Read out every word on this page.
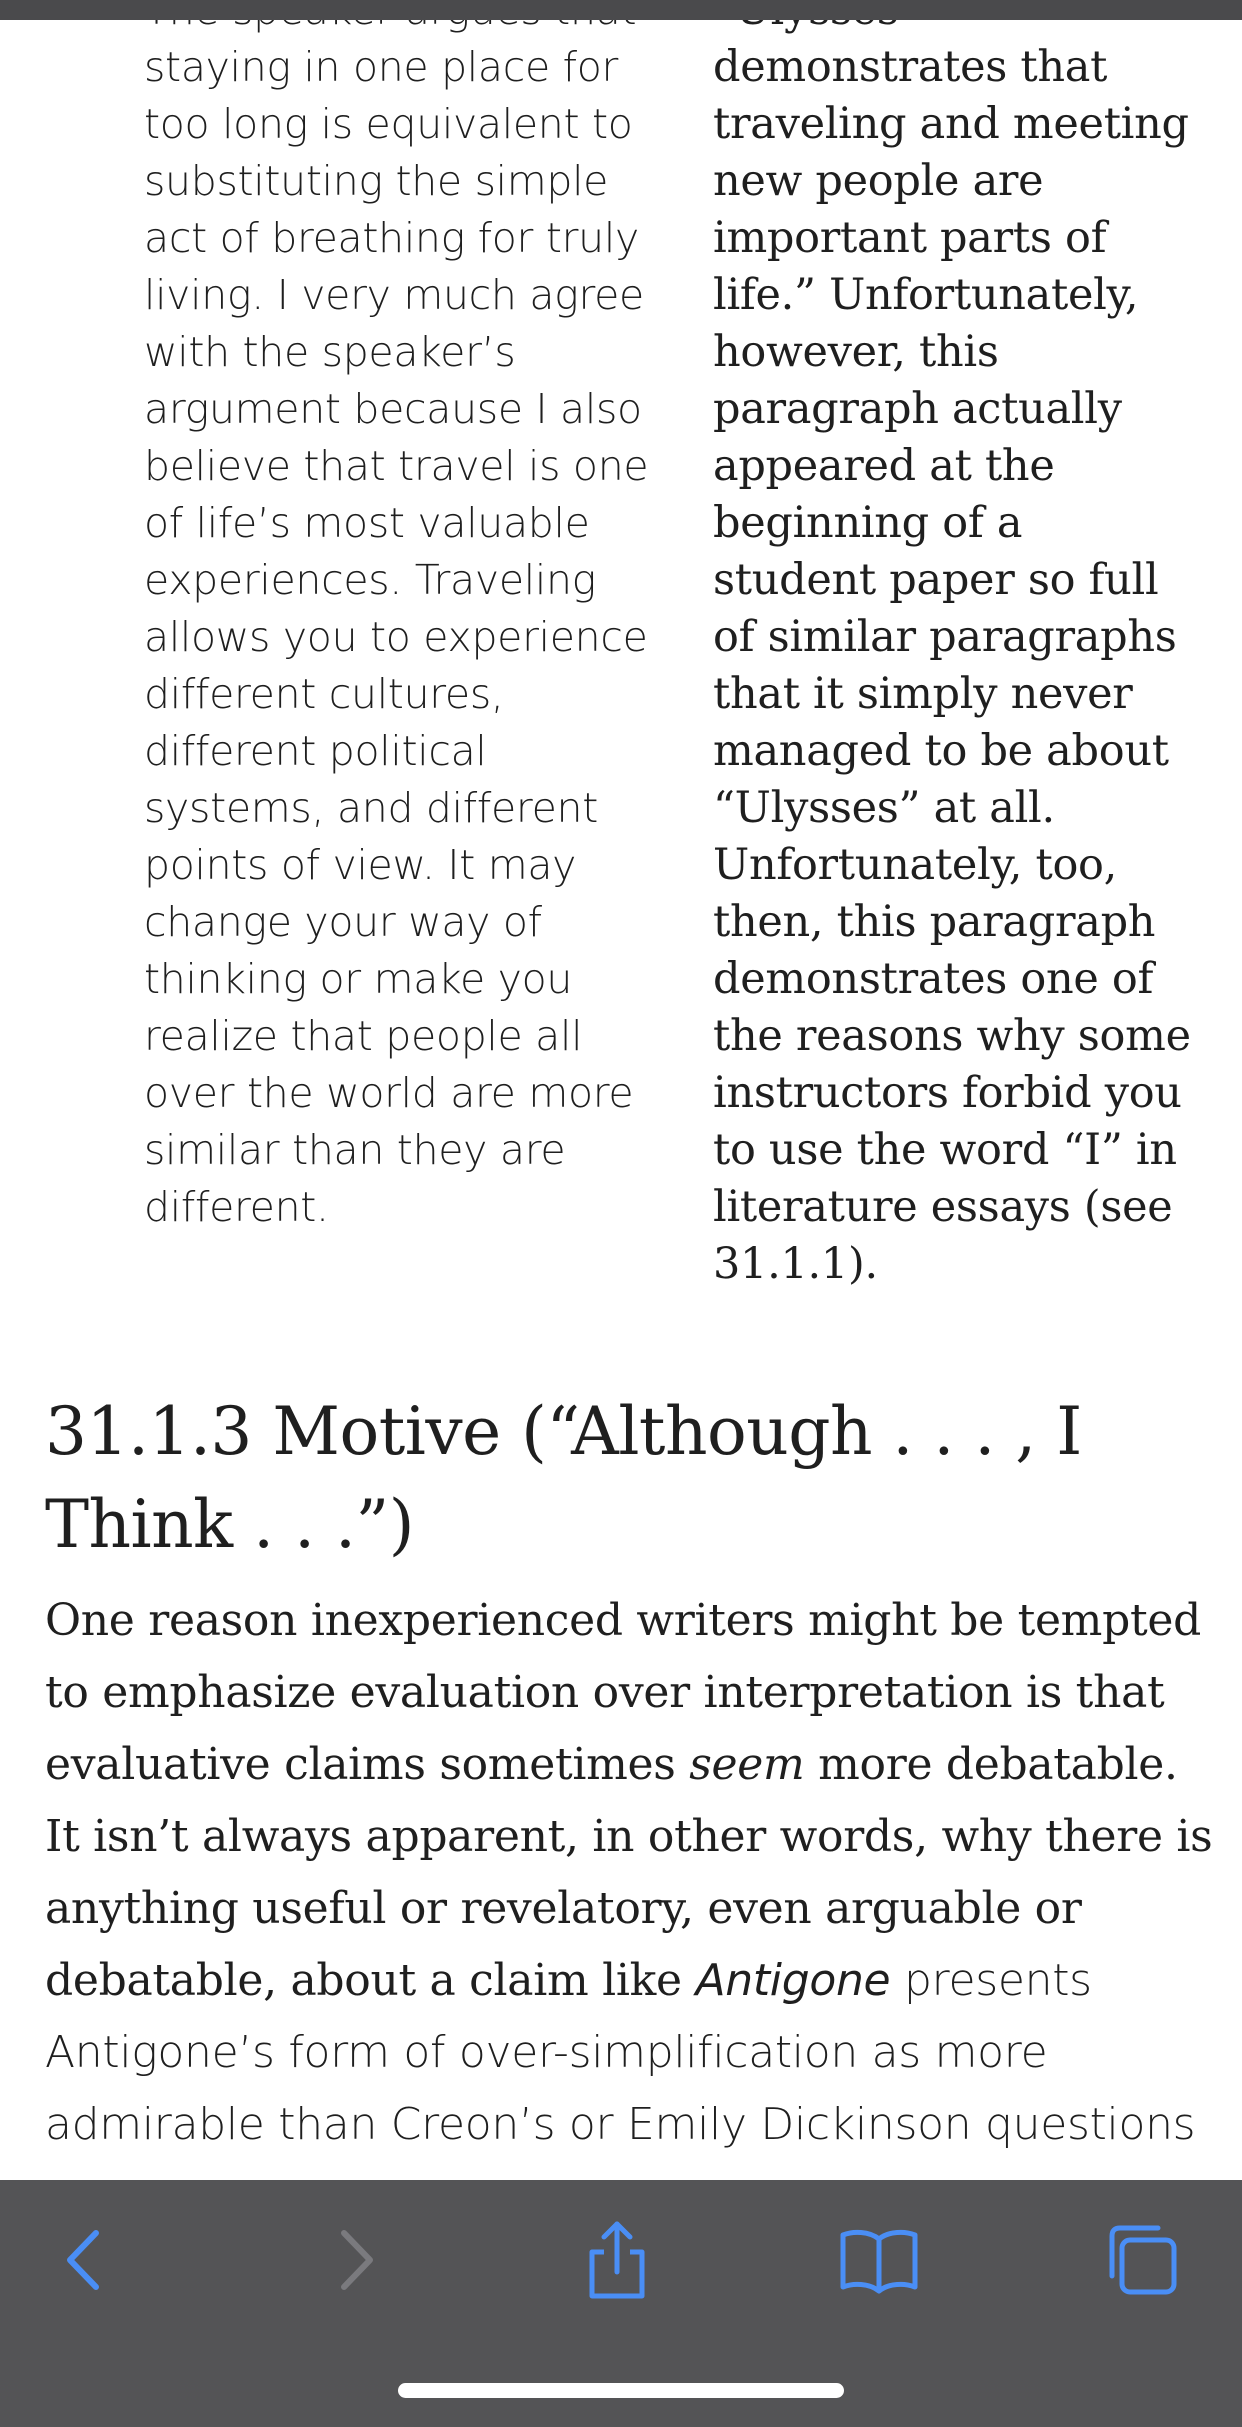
staying in one place for
too long is equivalent to
substituting the simple
act of breathing for truly
living. I very much agree
with the speaker’s
argument because I also
believe that travel is one
of life’s most valuable
experiences. Traveling
allows you to experience
different cultures,
different political
systems, and different
points of view. It may
change your way of
thinking or make you
realize that people all
over the world are more
similar than they are
different.
demonstrates that
traveling and meeting
new people are
important parts of
life.” Unfortunately,
however, this
paragraph actually
appeared at the
beginning of a
student paper so full
of similar paragraphs
that it simply never
managed to be about
“Ulysses” at all.
Unfortunately, too,
then, this paragraph
demonstrates one of
the reasons why some
instructors forbid you
to use the word “I” in
literature essays (see
31.1.1).
31.1.3 Motive (“Although . . . , I Think . . .”)
One reason inexperienced writers might be tempted to emphasize evaluation over interpretation is that evaluative claims sometimes seem more debatable. It isn’t always apparent, in other words, why there is anything useful or revelatory, even arguable or debatable, about a claim like Antigone presents Antigone’s form of over-simplification as more admirable than Creon’s or Emily Dickinson questions
